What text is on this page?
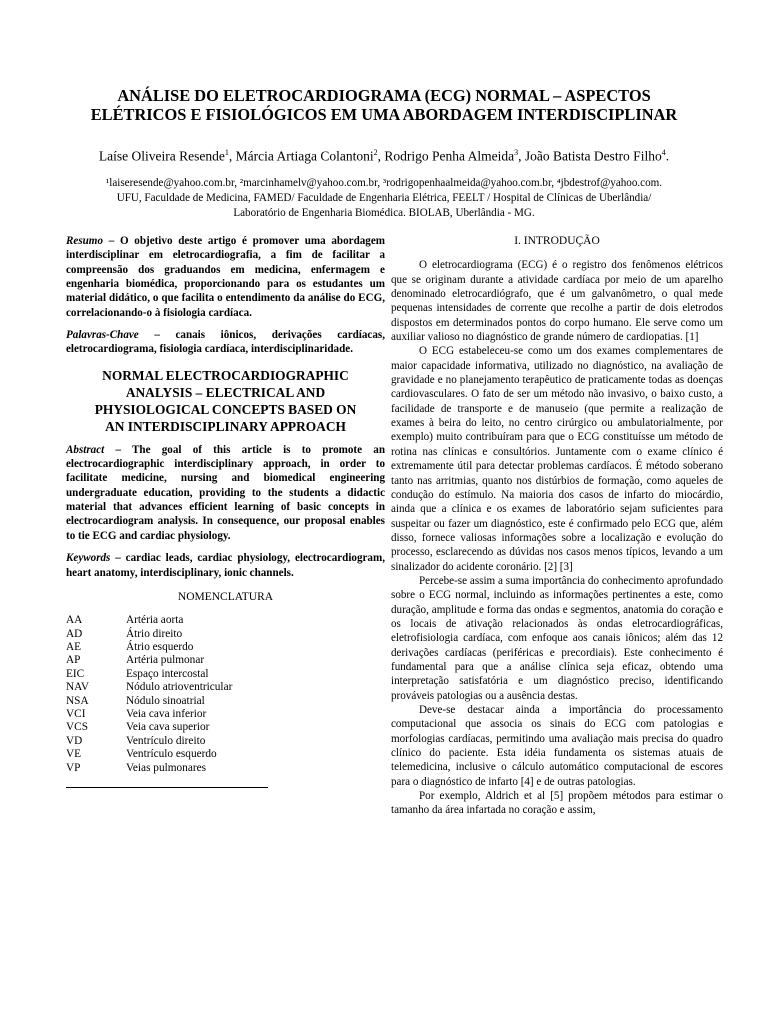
ANÁLISE DO ELETROCARDIOGRAMA (ECG) NORMAL – ASPECTOS
ELÉTRICOS E FISIOLÓGICOS EM UMA ABORDAGEM INTERDISCIPLINAR
Laíse Oliveira Resende$^1$, Márcia Artiaga Colantoni$^2$, Rodrigo Penha Almeida$^3$, João Batista Destro Filho$^4$.
¹laiseresende@yahoo.com.br, ²marcinhamelv@yahoo.com.br, ³rodrigopenhaalmeida@yahoo.com.br, ⁴jbdestrof@yahoo.com.
UFU, Faculdade de Medicina, FAMED/ Faculdade de Engenharia Elétrica, FEELT / Hospital de Clínicas de Uberlândia/
Laboratório de Engenharia Biomédica. BIOLAB, Uberlândia - MG.
Resumo – O objetivo deste artigo é promover uma abordagem interdisciplinar em eletrocardiografia, a fim de facilitar a compreensão dos graduandos em medicina, enfermagem e engenharia biomédica, proporcionando para os estudantes um material didático, o que facilita o entendimento da análise do ECG, correlacionando-o à fisiologia cardíaca.
Palavras-Chave – canais iônicos, derivações cardíacas, eletrocardiograma, fisiologia cardíaca, interdisciplinaridade.
NORMAL ELECTROCARDIOGRAPHIC
ANALYSIS – ELECTRICAL AND
PHYSIOLOGICAL CONCEPTS BASED ON
AN INTERDISCIPLINARY APPROACH
Abstract – The goal of this article is to promote an electrocardiographic interdisciplinary approach, in order to facilitate medicine, nursing and biomedical engineering undergraduate education, providing to the students a didactic material that advances efficient learning of basic concepts in electrocardiogram analysis. In consequence, our proposal enables to tie ECG and cardiac physiology.
Keywords – cardiac leads, cardiac physiology, electrocardiogram, heart anatomy, interdisciplinary, ionic channels.
NOMENCLATURA
AA	Artéria aorta
AD	Átrio direito
AE	Átrio esquerdo
AP	Artéria pulmonar
EIC	Espaço intercostal
NAV	Nódulo atrioventricular
NSA	Nódulo sinoatrial
VCI	Veia cava inferior
VCS	Veia cava superior
VD	Ventrículo direito
VE	Ventrículo esquerdo
VP	Veias pulmonares
I. INTRODUÇÃO
O eletrocardiograma (ECG) é o registro dos fenômenos elétricos que se originam durante a atividade cardíaca por meio de um aparelho denominado eletrocardiógrafo, que é um galvanômetro, o qual mede pequenas intensidades de corrente que recolhe a partir de dois eletrodos dispostos em determinados pontos do corpo humano. Ele serve como um auxiliar valioso no diagnóstico de grande número de cardiopatias. [1]
O ECG estabeleceu-se como um dos exames complementares de maior capacidade informativa, utilizado no diagnóstico, na avaliação de gravidade e no planejamento terapêutico de praticamente todas as doenças cardiovasculares. O fato de ser um método não invasivo, o baixo custo, a facilidade de transporte e de manuseio (que permite a realização de exames à beira do leito, no centro cirúrgico ou ambulatorialmente, por exemplo) muito contribuíram para que o ECG constituísse um método de rotina nas clínicas e consultórios. Juntamente com o exame clínico é extremamente útil para detectar problemas cardíacos. É método soberano tanto nas arritmias, quanto nos distúrbios de formação, como aqueles de condução do estímulo. Na maioria dos casos de infarto do miocárdio, ainda que a clínica e os exames de laboratório sejam suficientes para suspeitar ou fazer um diagnóstico, este é confirmado pelo ECG que, além disso, fornece valiosas informações sobre a localização e evolução do processo, esclarecendo as dúvidas nos casos menos típicos, levando a um sinalizador do acidente coronário. [2] [3]
Percebe-se assim a suma importância do conhecimento aprofundado sobre o ECG normal, incluindo as informações pertinentes a este, como duração, amplitude e forma das ondas e segmentos, anatomia do coração e os locais de ativação relacionados às ondas eletrocardiográficas, eletrofisiologia cardíaca, com enfoque aos canais iônicos; além das 12 derivações cardíacas (periféricas e precordiais). Este conhecimento é fundamental para que a análise clínica seja eficaz, obtendo uma interpretação satisfatória e um diagnóstico preciso, identificando prováveis patologias ou a ausência destas.
Deve-se destacar ainda a importância do processamento computacional que associa os sinais do ECG com patologias e morfologias cardíacas, permitindo uma avaliação mais precisa do quadro clínico do paciente. Esta idéia fundamenta os sistemas atuais de telemedicina, inclusive o cálculo automático computacional de escores para o diagnóstico de infarto [4] e de outras patologias.
Por exemplo, Aldrich et al [5] propõem métodos para estimar o tamanho da área infartada no coração e assim,
